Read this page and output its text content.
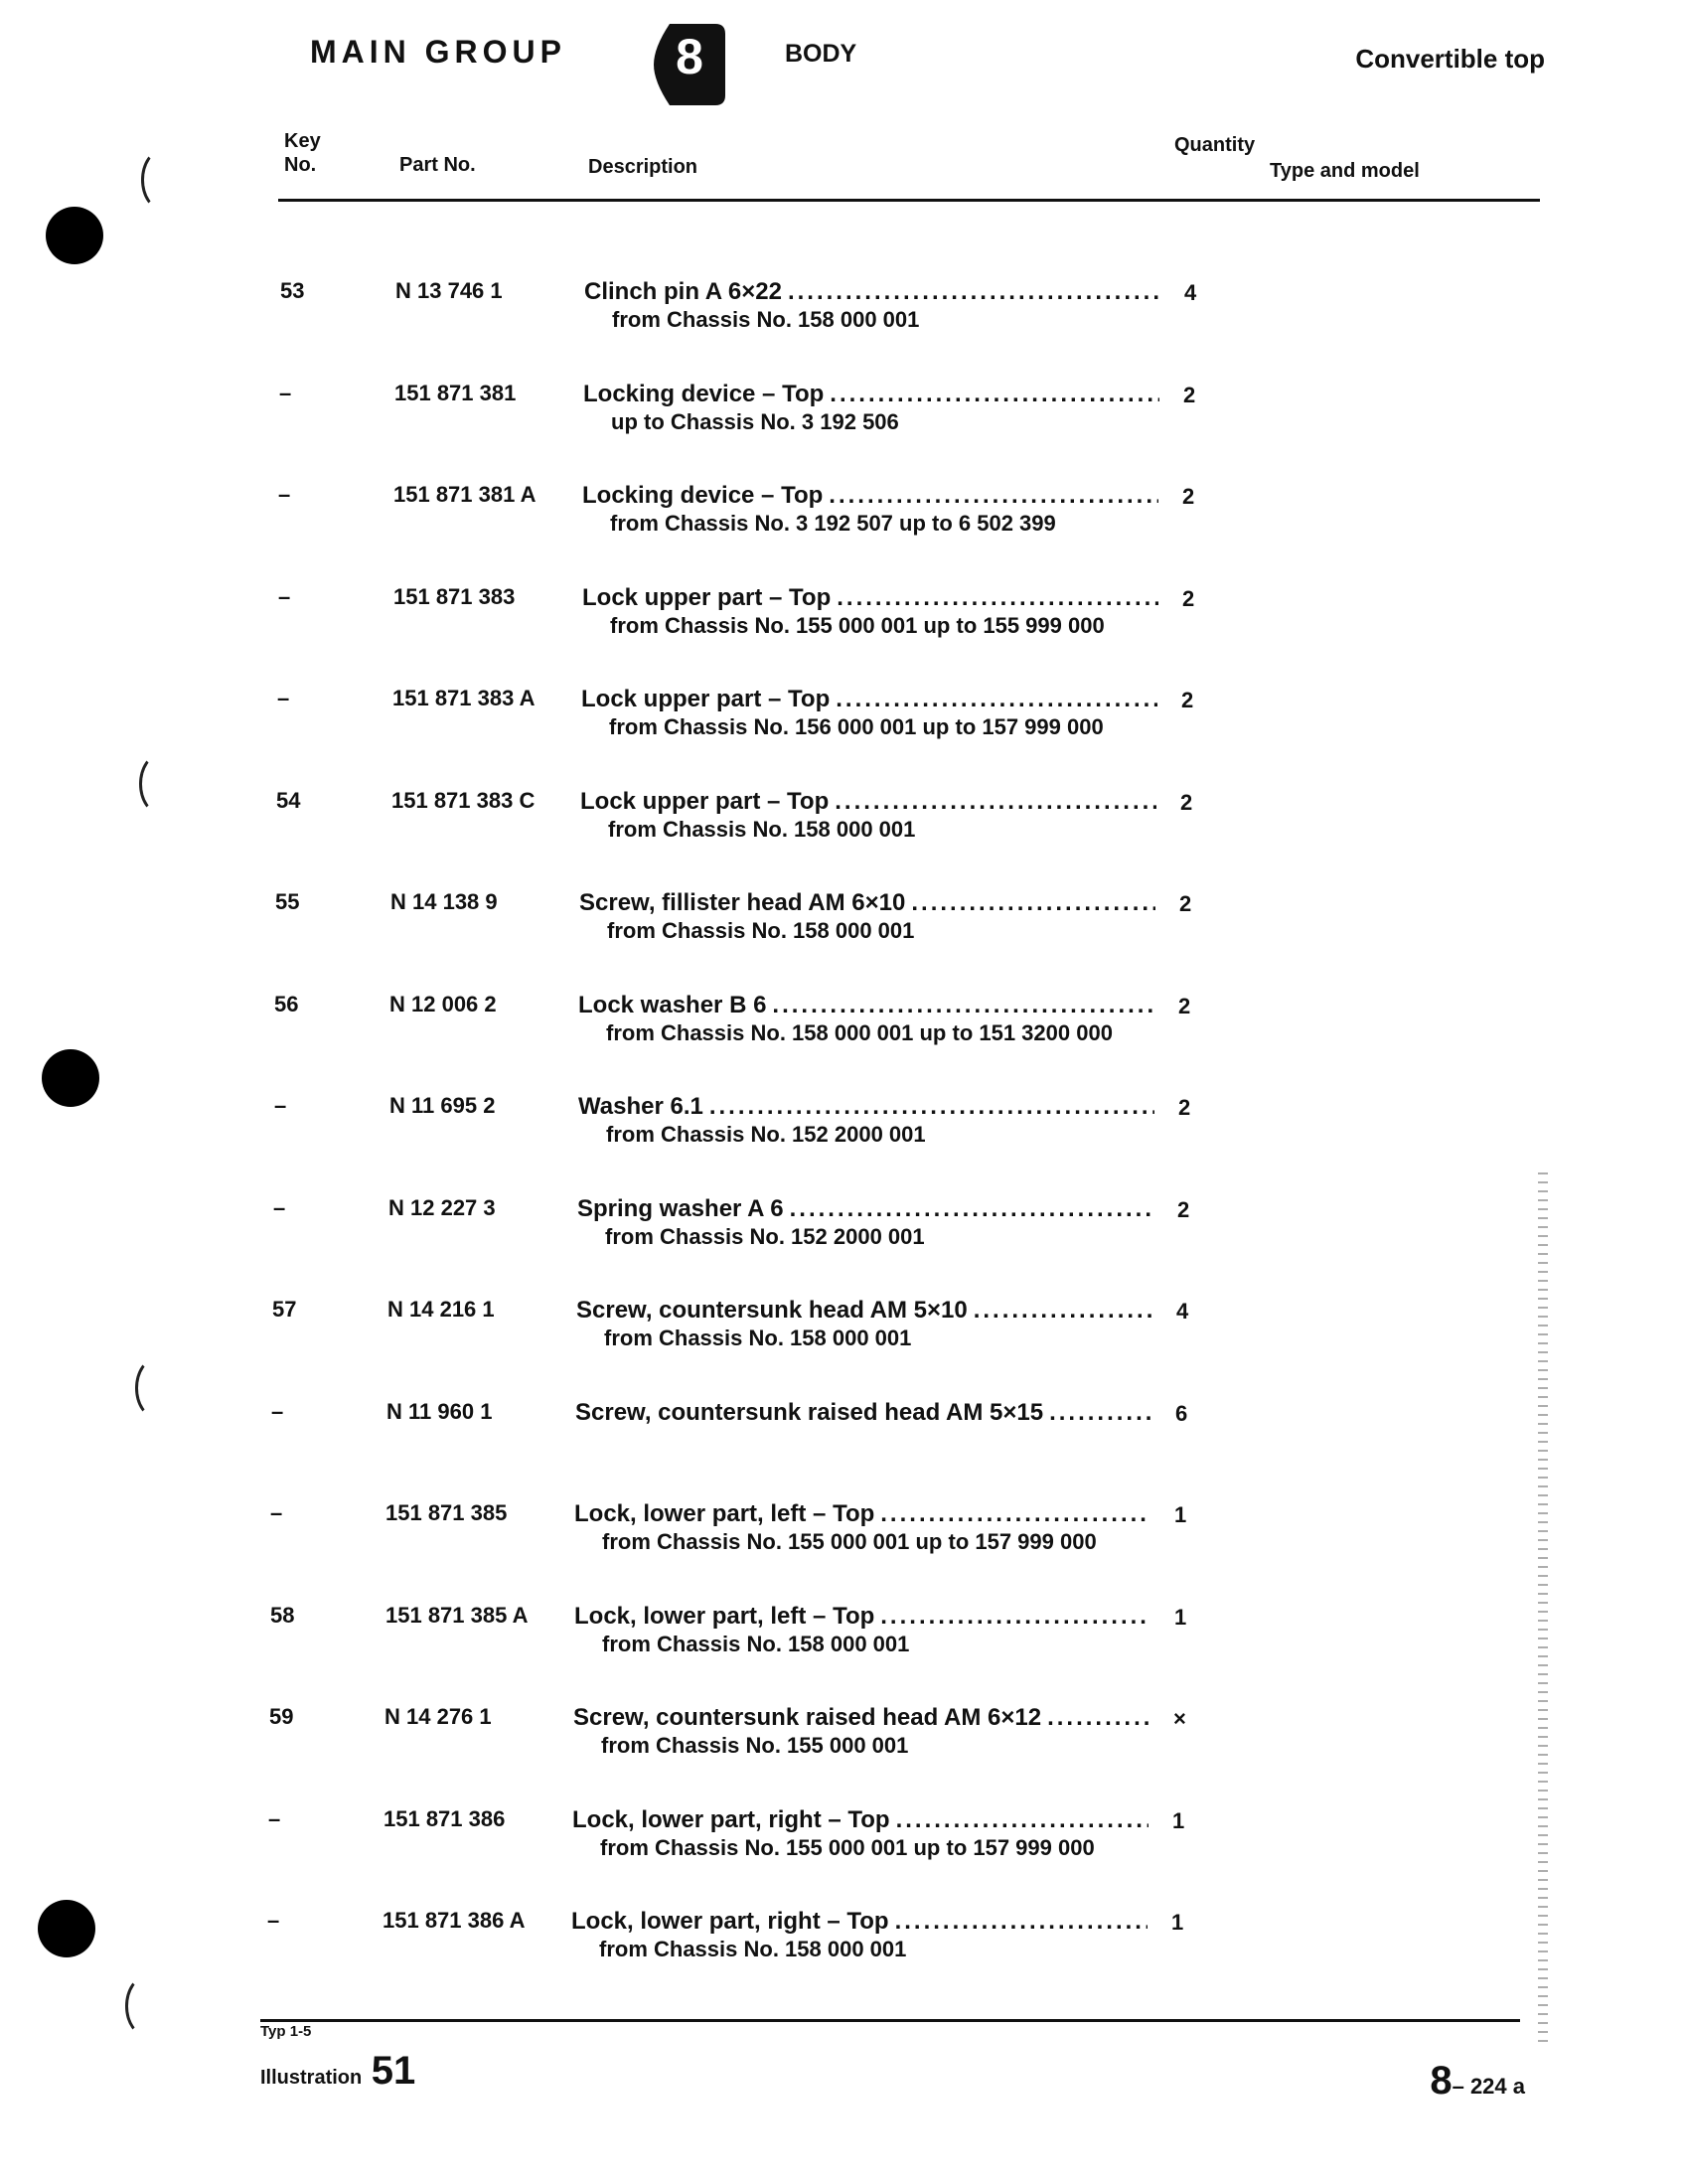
MAIN GROUP	8	BODY	Convertible top
Key No.	Part No.	Description
Quantity
Type and model
53	N 13 746 1	Clinch pin A 6×22
.....
from Chassis No. 158 000 001
4
–	151 871 381	Locking device – Top
.....
up to Chassis No. 3 192 506
2
–	151 871 381 A	Locking device – Top
.....
from Chassis No. 3 192 507 up to 6 502 399
2
–	151 871 383	Lock upper part – Top
.....
from Chassis No. 155 000 001 up to 155 999 000
2
–	151 871 383 A	Lock upper part – Top
.....
from Chassis No. 156 000 001 up to 157 999 000
2
54	151 871 383 C	Lock upper part – Top
.....
from Chassis No. 158 000 001
2
55	N 14 138 9	Screw, fillister head AM 6×10
.....
from Chassis No. 158 000 001
2
56	N 12 006 2	Lock washer B 6
.....
from Chassis No. 158 000 001 up to 151 3200 000
2
–	N 11 695 2	Washer 6.1
.....
from Chassis No. 152 2000 001
2
–	N 12 227 3	Spring washer A 6
.....
from Chassis No. 152 2000 001
2
57	N 14 216 1	Screw, countersunk head AM 5×10
.....
from Chassis No. 158 000 001
4
–	N 11 960 1	Screw, countersunk raised head AM 5×15
.....	6
–	151 871 385	Lock, lower part, left – Top
.....
from Chassis No. 155 000 001 up to 157 999 000
1
58	151 871 385 A	Lock, lower part, left – Top
.....
from Chassis No. 158 000 001
1
59	N 14 276 1	Screw, countersunk raised head AM 6×12
.....
from Chassis No. 155 000 001
×
–	151 871 386	Lock, lower part, right – Top
.....
from Chassis No. 155 000 001 up to 157 999 000
1
–	151 871 386 A	Lock, lower part, right – Top
.....
from Chassis No. 158 000 001
1
Typ 1-5
Illustration 51	8– 224 a
